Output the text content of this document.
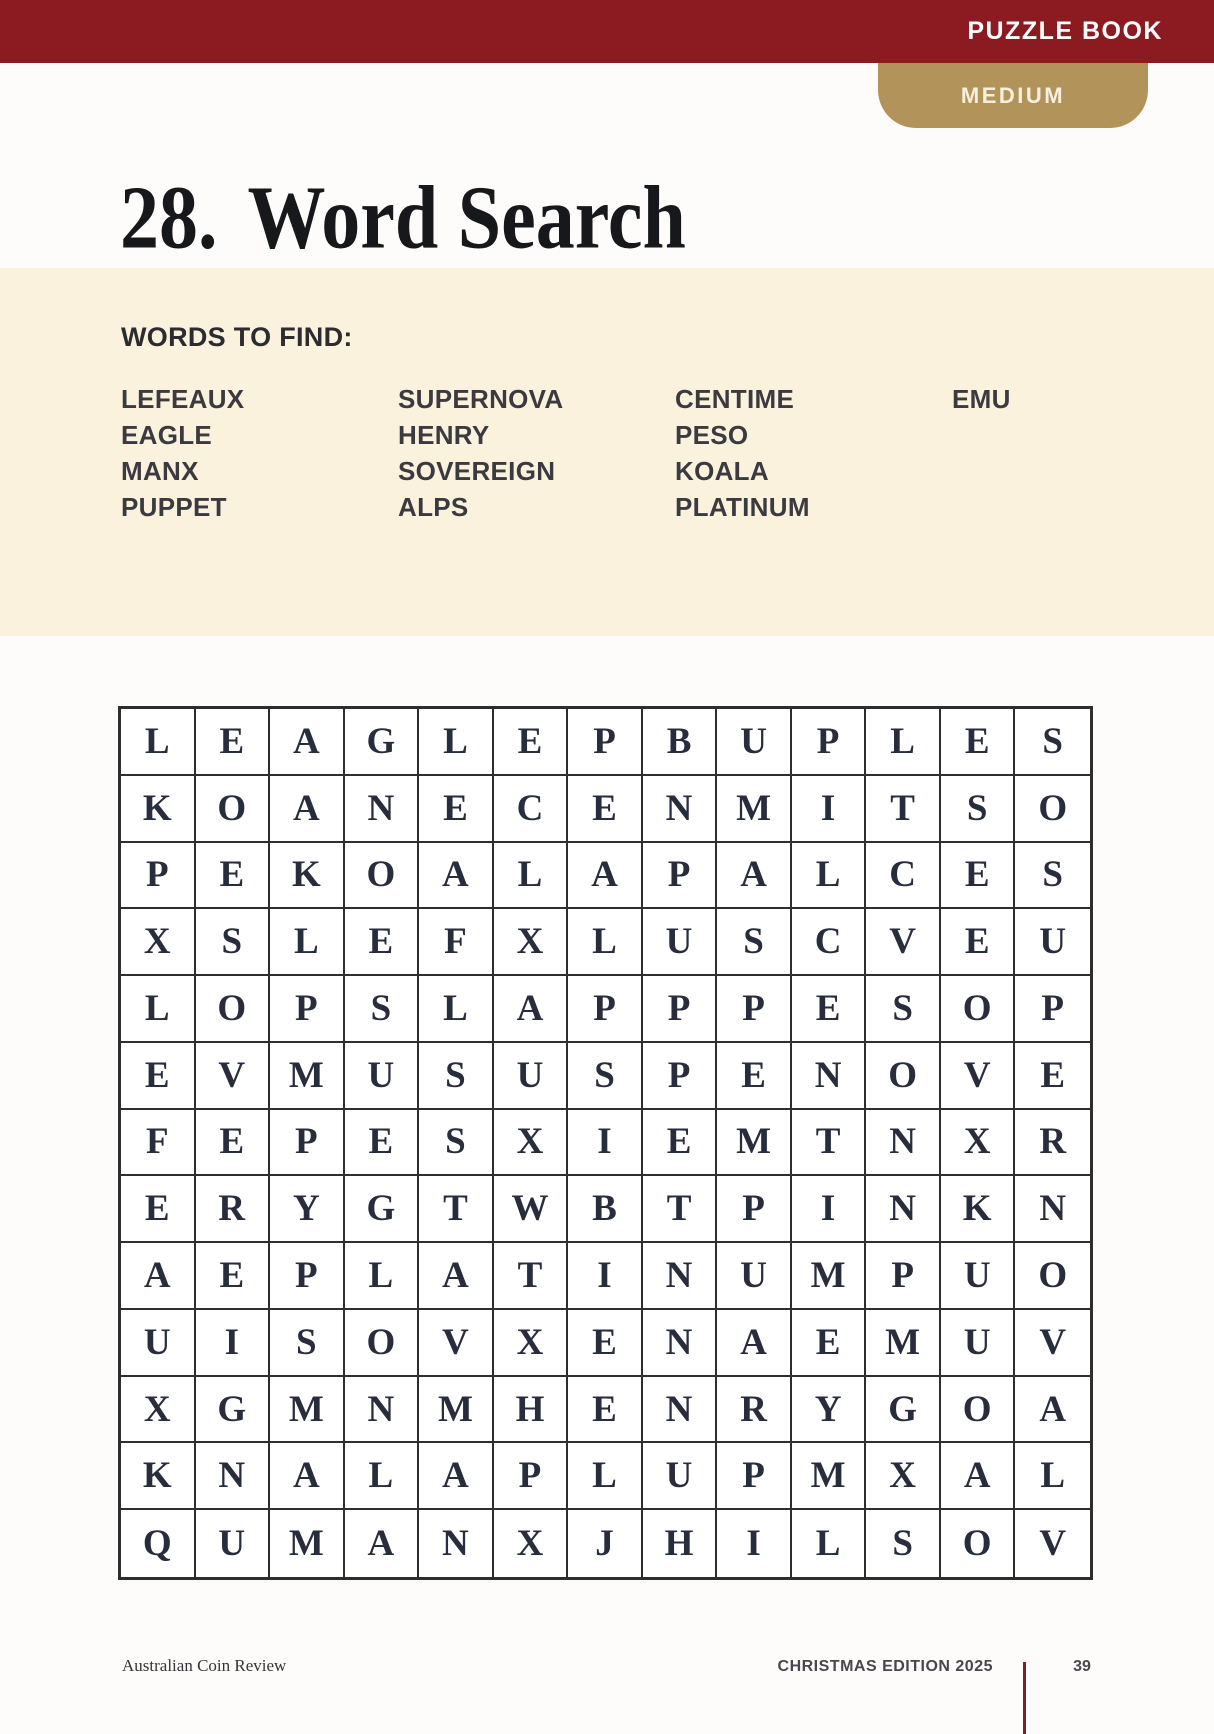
PUZZLE BOOK
MEDIUM
28. Word Search
WORDS TO FIND:
LEFEAUX
EAGLE
MANX
PUPPET
SUPERNOVA
HENRY
SOVEREIGN
ALPS
CENTIME
PESO
KOALA
PLATINUM
EMU
L	E	A	G	L	E	P	B	U	P	L	E	S
K	O	A	N	E	C	E	N	M	I	T	S	O
P	E	K	O	A	L	A	P	A	L	C	E	S
X	S	L	E	F	X	L	U	S	C	V	E	U
L	O	P	S	L	A	P	P	P	E	S	O	P
E	V	M	U	S	U	S	P	E	N	O	V	E
F	E	P	E	S	X	I	E	M	T	N	X	R
E	R	Y	G	T	W	B	T	P	I	N	K	N
A	E	P	L	A	T	I	N	U	M	P	U	O
U	I	S	O	V	X	E	N	A	E	M	U	V
X	G	M	N	M	H	E	N	R	Y	G	O	A
K	N	A	L	A	P	L	U	P	M	X	A	L
Q	U	M	A	N	X	J	H	I	L	S	O	V
Australian Coin Review	CHRISTMAS EDITION 2025	39
